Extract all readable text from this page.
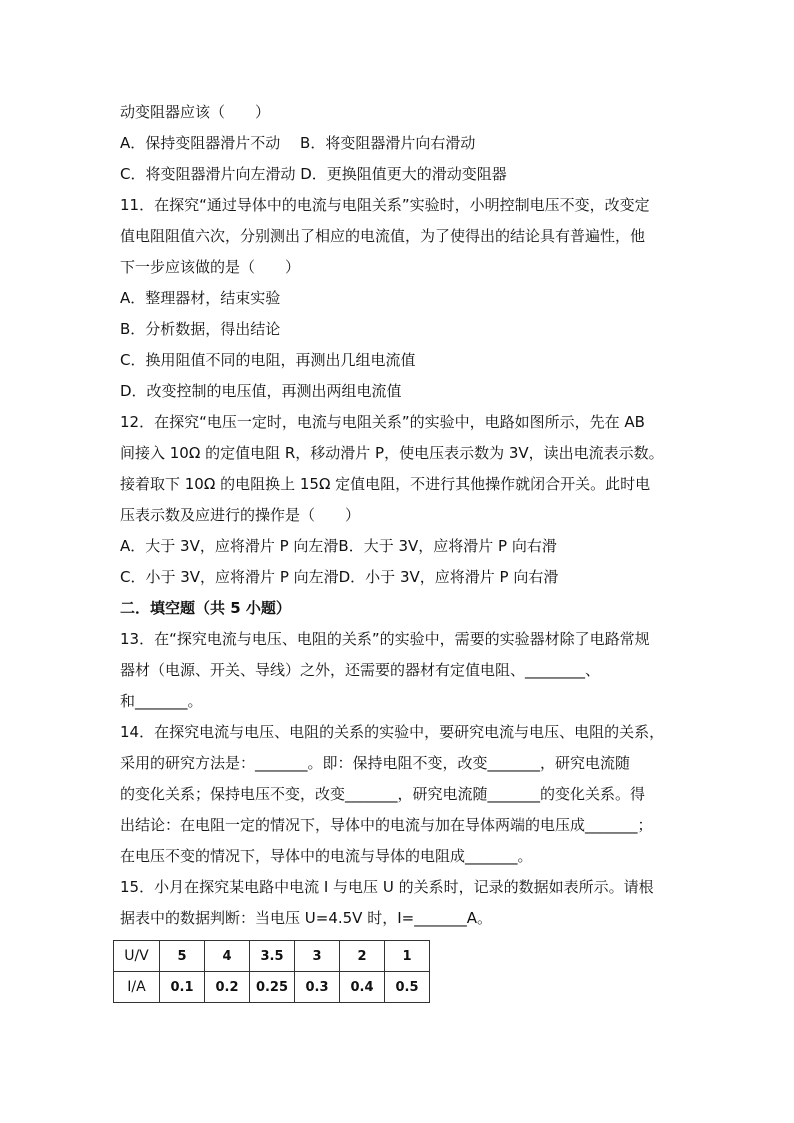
动变阻器应该（　　）

A．保持变阻器滑片不动　 B．将变阻器滑片向右滑动

C．将变阻器滑片向左滑动 D．更换阻值更大的滑动变阻器

11．在探究“通过导体中的电流与电阻关系”实验时，小明控制电压不变，改变定

值电阻阻值六次，分别测出了相应的电流值，为了使得出的结论具有普遍性，他

下一步应该做的是（　　）

A．整理器材，结束实验

B．分析数据，得出结论

C．换用阻值不同的电阻，再测出几组电流值

D．改变控制的电压值，再测出两组电流值

12．在探究“电压一定时，电流与电阻关系”的实验中，电路如图所示，先在 AB

间接入 10Ω 的定值电阻 R，移动滑片 P，使电压表示数为 3V，读出电流表示数。

接着取下 10Ω 的电阻换上 15Ω 定值电阻，不进行其他操作就闭合开关。此时电

压表示数及应进行的操作是（　　）

A．大于 3V，应将滑片 P 向左滑B．大于 3V，应将滑片 P 向右滑

C．小于 3V，应将滑片 P 向左滑D．小于 3V，应将滑片 P 向右滑

二．填空题（共 5 小题）

13．在“探究电流与电压、电阻的关系”的实验中，需要的实验器材除了电路常规

器材（电源、开关、导线）之外，还需要的器材有定值电阻、________、

和_______。

14．在探究电流与电压、电阻的关系的实验中，要研究电流与电压、电阻的关系，

采用的研究方法是：_______。即：保持电阻不变，改变_______，研究电流随

的变化关系；保持电压不变，改变_______，研究电流随_______的变化关系。得

出结论：在电阻一定的情况下，导体中的电流与加在导体两端的电压成_______；

在电压不变的情况下，导体中的电流与导体的电阻成_______。

15．小月在探究某电路中电流 I 与电压 U 的关系时，记录的数据如表所示。请根

据表中的数据判断：当电压 U=4.5V 时，I=_______A。

U/V	5	4	3.5	3	2	1
I/A	0.1	0.2	0.25	0.3	0.4	0.5
